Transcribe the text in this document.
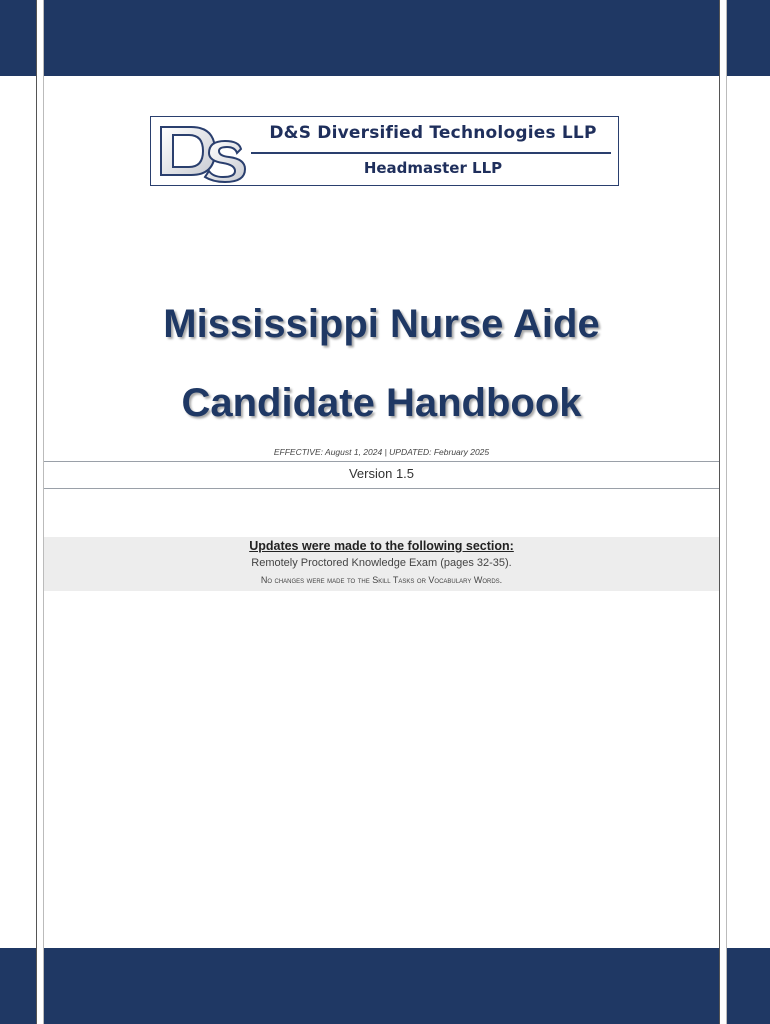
D&S Diversified Technologies LLP
Headmaster LLP
Mississippi Nurse Aide
Candidate Handbook
EFFECTIVE: August 1, 2024 | UPDATED: February 2025
Version 1.5
Updates were made to the following section:
Remotely Proctored Knowledge Exam (pages 32-35).
No changes were made to the Skill Tasks or Vocabulary Words.
